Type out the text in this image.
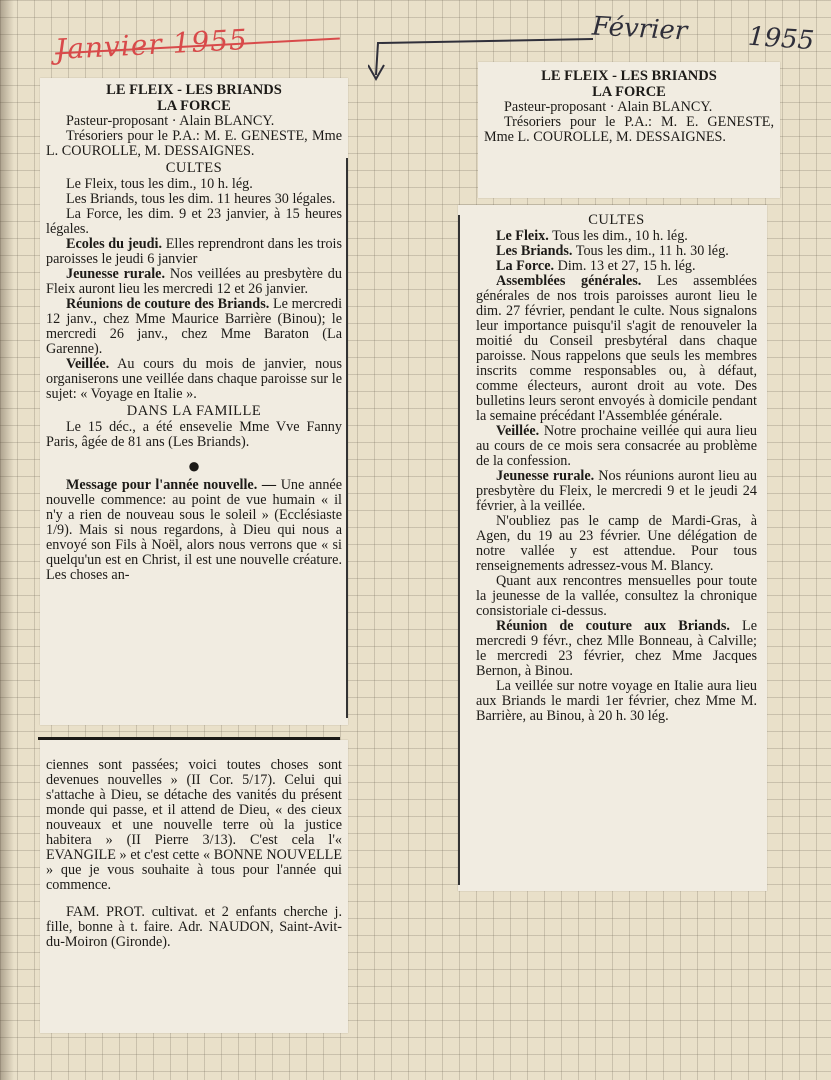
Janvier 1955	Février 1955
LE FLEIX - LES BRIANDS
LA FORCE

Pasteur-proposant · Alain BLANCY.

Trésoriers pour le P.A.: M. E. GENESTE, Mme L. COUROLLE, M. DESSAIGNES.

CULTES

Le Fleix, tous les dim., 10 h. lég.

Les Briands, tous les dim. 11 heures 30 légales.

La Force, les dim. 9 et 23 janvier, à 15 heures légales.

Ecoles du jeudi. Elles reprendront dans les trois paroisses le jeudi 6 janvier

Jeunesse rurale. Nos veillées au presbytère du Fleix auront lieu les mercredi 12 et 26 janvier.

Réunions de couture des Briands. Le mercredi 12 janv., chez Mme Maurice Barrière (Binou); le mercredi 26 janv., chez Mme Baraton (La Garenne).

Veillée. Au cours du mois de janvier, nous organiserons une veillée dans chaque paroisse sur le sujet: « Voyage en Italie ».

DANS LA FAMILLE

Le 15 déc., a été ensevelie Mme Vve Fanny Paris, âgée de 81 ans (Les Briands).

●

Message pour l'année nouvelle. — Une année nouvelle commence: au point de vue humain « il n'y a rien de nouveau sous le soleil » (Ecclésiaste 1/9). Mais si nous regardons, à Dieu qui nous a envoyé son Fils à Noël, alors nous verrons que « si quelqu'un est en Christ, il est une nouvelle créature. Les choses an-

ciennes sont passées; voici toutes choses sont devenues nouvelles » (II Cor. 5/17). Celui qui s'attache à Dieu, se détache des vanités du présent monde qui passe, et il attend de Dieu, « des cieux nouveaux et une nouvelle terre où la justice habitera » (II Pierre 3/13). C'est cela l'« EVANGILE » et c'est cette « BONNE NOUVELLE » que je vous souhaite à tous pour l'année qui commence.

FAM. PROT. cultivat. et 2 enfants cherche j. fille, bonne à t. faire. Adr. NAUDON, Saint-Avit-du-Moiron (Gironde).

LE FLEIX - LES BRIANDS
LA FORCE

Pasteur-proposant · Alain BLANCY.

Trésoriers pour le P.A.: M. E. GENESTE, Mme L. COUROLLE, M. DESSAIGNES.

CULTES

Le Fleix. Tous les dim., 10 h. lég.

Les Briands. Tous les dim., 11 h. 30 lég.

La Force. Dim. 13 et 27, 15 h. lég.

Assemblées générales. Les assemblées générales de nos trois paroisses auront lieu le dim. 27 février, pendant le culte. Nous signalons leur importance puisqu'il s'agit de renouveler la moitié du Conseil presbytéral dans chaque paroisse. Nous rappelons que seuls les membres inscrits comme responsables ou, à défaut, comme électeurs, auront droit au vote. Des bulletins leurs seront envoyés à domicile pendant la semaine précédant l'Assemblée générale.

Veillée. Notre prochaine veillée qui aura lieu au cours de ce mois sera consacrée au problème de la confession.

Jeunesse rurale. Nos réunions auront lieu au presbytère du Fleix, le mercredi 9 et le jeudi 24 février, à la veillée.

N'oubliez pas le camp de Mardi-Gras, à Agen, du 19 au 23 février. Une délégation de notre vallée y est attendue. Pour tous renseignements adressez-vous M. Blancy.

Quant aux rencontres mensuelles pour toute la jeunesse de la vallée, consultez la chronique consistoriale ci-dessus.

Réunion de couture aux Briands. Le mercredi 9 févr., chez Mlle Bonneau, à Calville; le mercredi 23 février, chez Mme Jacques Bernon, à Binou.

La veillée sur notre voyage en Italie aura lieu aux Briands le mardi 1er février, chez Mme M. Barrière, au Binou, à 20 h. 30 lég.
